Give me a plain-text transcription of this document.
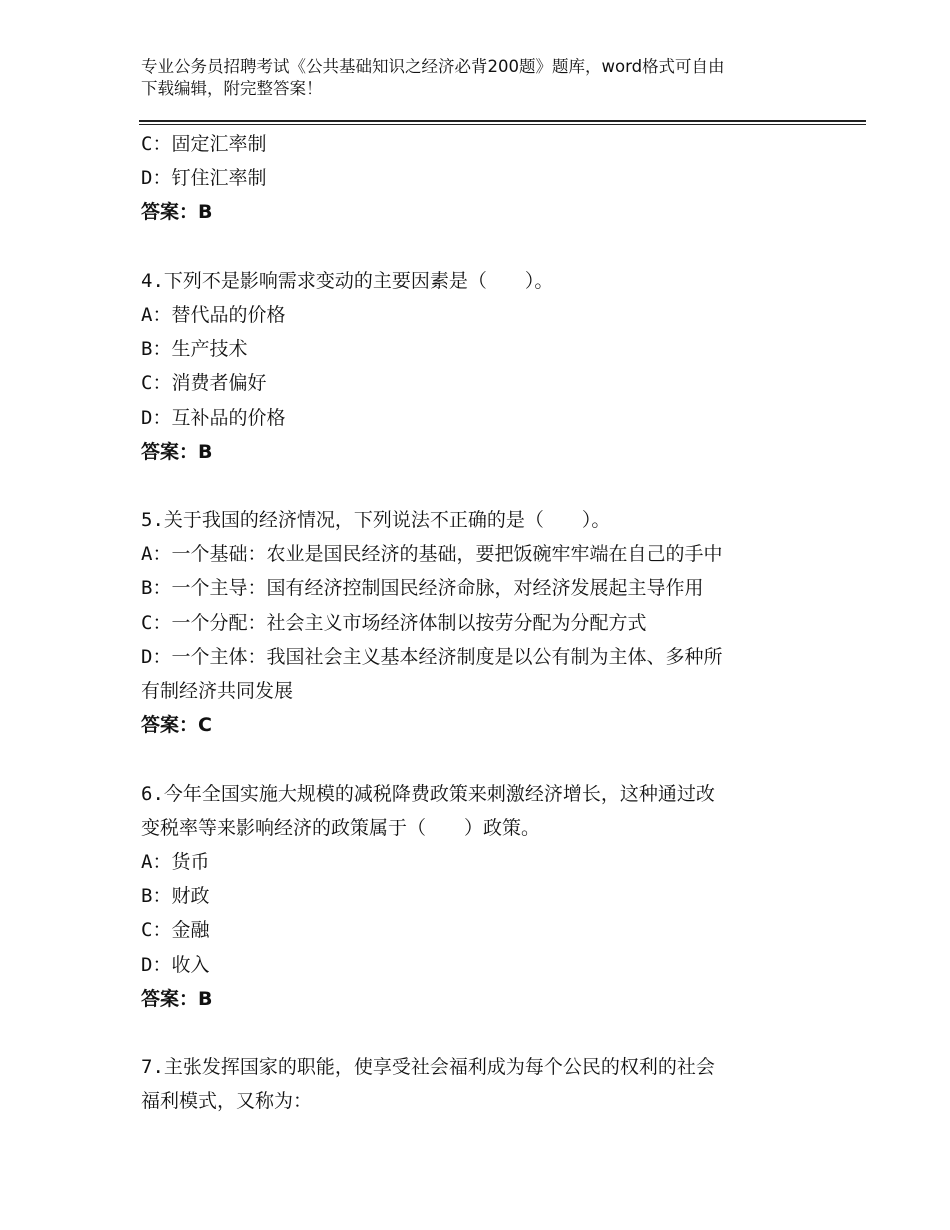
专业公务员招聘考试《公共基础知识之经济必背200题》题库，word格式可自由
下载编辑，附完整答案！
C：固定汇率制
D：钉住汇率制
答案：B
4.下列不是影响需求变动的主要因素是（　　）。
A：替代品的价格
B：生产技术
C：消费者偏好
D：互补品的价格
答案：B
5.关于我国的经济情况，下列说法不正确的是（　　）。
A：一个基础：农业是国民经济的基础，要把饭碗牢牢端在自己的手中
B：一个主导：国有经济控制国民经济命脉，对经济发展起主导作用
C：一个分配：社会主义市场经济体制以按劳分配为分配方式
D：一个主体：我国社会主义基本经济制度是以公有制为主体、多种所
有制经济共同发展
答案：C
6.今年全国实施大规模的减税降费政策来刺激经济增长，这种通过改
变税率等来影响经济的政策属于（　　）政策。
A：货币
B：财政
C：金融
D：收入
答案：B
7.主张发挥国家的职能，使享受社会福利成为每个公民的权利的社会
福利模式，又称为：
